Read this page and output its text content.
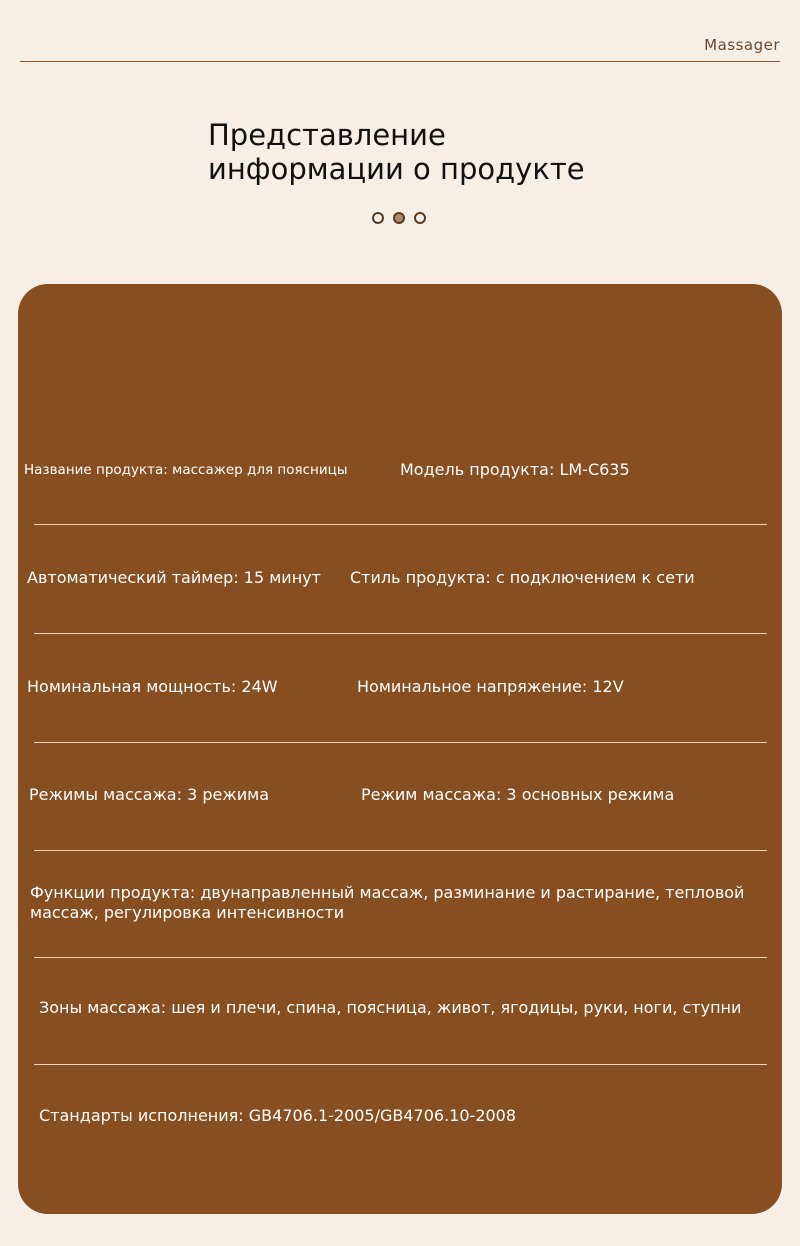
Massager
Представление
информации о продукте
Название продукта: массажер для поясницы	Модель продукта: LM-C635
Автоматический таймер: 15 минут Стиль продукта: с подключением к сети
Номинальная мощность: 24W	Номинальное напряжение: 12V
Режимы массажа: 3 режима	Режим массажа: 3 основных режима
Функции продукта: двунаправленный массаж, разминание и растирание, тепловой массаж, регулировка интенсивности
Зоны массажа: шея и плечи, спина, поясница, живот, ягодицы, руки, ноги, ступни
Стандарты исполнения: GB4706.1-2005/GB4706.10-2008
